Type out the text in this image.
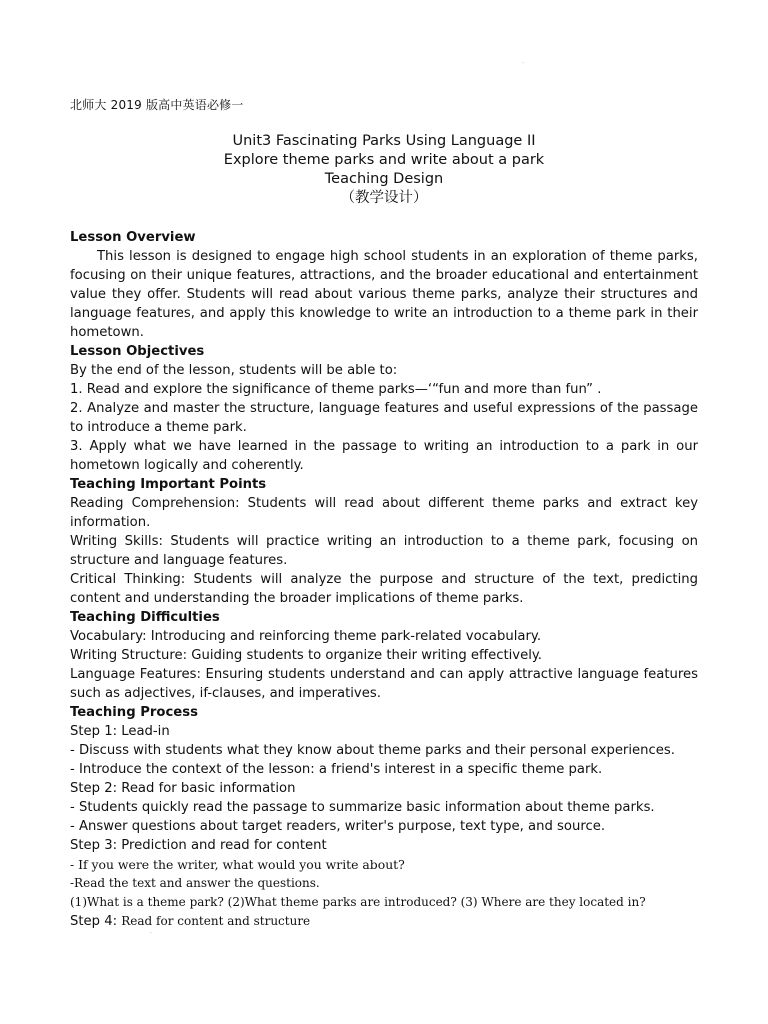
.
.
北师大 2019 版高中英语必修一
Unit3 Fascinating Parks Using Language II
Explore theme parks and write about a park
Teaching Design
（教学设计）

Lesson Overview

This lesson is designed to engage high school students in an exploration of theme parks, focusing on their unique features, attractions, and the broader educational and entertainment value they offer. Students will read about various theme parks, analyze their structures and language features, and apply this knowledge to write an introduction to a theme park in their hometown.

Lesson Objectives

By the end of the lesson, students will be able to:

1. Read and explore the significance of theme parks—‘“fun and more than fun” .

2. Analyze and master the structure, language features and useful expressions of the passage to introduce a theme park.

3. Apply what we have learned in the passage to writing an introduction to a park in our hometown logically and coherently.

Teaching Important Points

Reading Comprehension: Students will read about different theme parks and extract key information.

Writing Skills: Students will practice writing an introduction to a theme park, focusing on structure and language features.

Critical Thinking: Students will analyze the purpose and structure of the text, predicting content and understanding the broader implications of theme parks.

Teaching Difficulties

Vocabulary: Introducing and reinforcing theme park-related vocabulary.

Writing Structure: Guiding students to organize their writing effectively.

Language Features: Ensuring students understand and can apply attractive language features such as adjectives, if-clauses, and imperatives.

Teaching Process

Step 1: Lead-in

- Discuss with students what they know about theme parks and their personal experiences.

- Introduce the context of the lesson: a friend's interest in a specific theme park.

Step 2: Read for basic information

- Students quickly read the passage to summarize basic information about theme parks.

- Answer questions about target readers, writer's purpose, text type, and source.

Step 3: Prediction and read for content

- If you were the writer, what would you write about?

-Read the text and answer the questions.

(1)What is a theme park? (2)What theme parks are introduced? (3) Where are they located in?

Step 4: Read for content and structure
